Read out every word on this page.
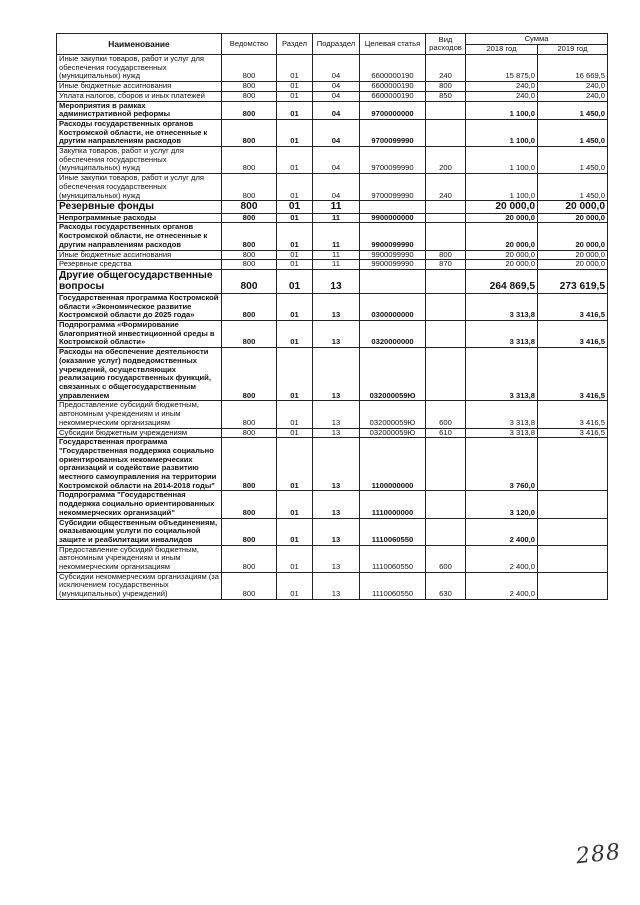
Наименование	Ведомство	Раздел	Подраздел	Целевая статья	Вид расходов	Сумма	
						2018 год	2019 год
Иные закупки товаров, работ и услуг для обеспечения государственных (муниципальных) нужд	800	01	04	6600000190	240	15 875,0	16 669,5
Иные бюджетные ассигнования	800	01	04	6600000190	800	240,0	240,0
Уплата налогов, сборов и иных платежей	800	01	04	6600000190	850	240,0	240,0
Мероприятия в рамках административной реформы	800	01	04	9700000000		1 100,0	1 450,0
Расходы государственных органов Костромской области, не отнесенные к другим направлениям расходов	800	01	04	9700099990		1 100,0	1 450,0
Закупка товаров, работ и услуг для обеспечения государственных (муниципальных) нужд	800	01	04	9700099990	200	1 100,0	1 450,0
Иные закупки товаров, работ и услуг для обеспечения государственных (муниципальных) нужд	800	01	04	9700099990	240	1 100,0	1 450,0
Резервные фонды	800	01	11			20 000,0	20 000,0
Непрограммные расходы	800	01	11	9900000000		20 000,0	20 000,0
Расходы государственных органов Костромской области, не отнесенные к другим направлениям расходов	800	01	11	9900099990		20 000,0	20 000,0
Иные бюджетные ассигнования	800	01	11	9900099990	800	20 000,0	20 000,0
Резервные средства	800	01	11	9900099990	870	20 000,0	20 000,0
Другие общегосударственные вопросы	800	01	13			264 869,5	273 619,5
Государственная программа Костромской области «Экономическое развитие Костромской области до 2025 года»	800	01	13	0300000000		3 313,8	3 416,5
Подпрограмма «Формирование благоприятной инвестиционной среды в Костромской области»	800	01	13	0320000000		3 313,8	3 416,5
Расходы на обеспечение деятельности (оказание услуг) подведомственных учреждений, осуществляющих реализацию государственных функций, связанных с общегосударственным управлением	800	01	13	032000059Ю		3 313,8	3 416,5
Предоставление субсидий бюджетным, автономным учреждениям и иным некоммерческим организациям	800	01	13	032000059Ю	600	3 313,8	3 416,5
Субсидии бюджетным учреждениям	800	01	13	032000059Ю	610	3 313,8	3 416,5
Государственная программа "Государственная поддержка социально ориентированных некоммерческих организаций и содействие развитию местного самоуправления на территории Костромской области на 2014-2018 годы"	800	01	13	1100000000		3 760,0	
Подпрограмма "Государственная поддержка социально ориентированных некоммерческих организаций"	800	01	13	1110000000		3 120,0	
Субсидии общественным объединениям, оказывающим услуги по социальной защите и реабилитации инвалидов	800	01	13	1110060550		2 400,0	
Предоставление субсидий бюджетным, автономным учреждениям и иным некоммерческим организациям	800	01	13	1110060550	600	2 400,0	
Субсидии некоммерческим организациям (за исключением государственных (муниципальных) учреждений)	800	01	13	1110060550	630	2 400,0	
288
